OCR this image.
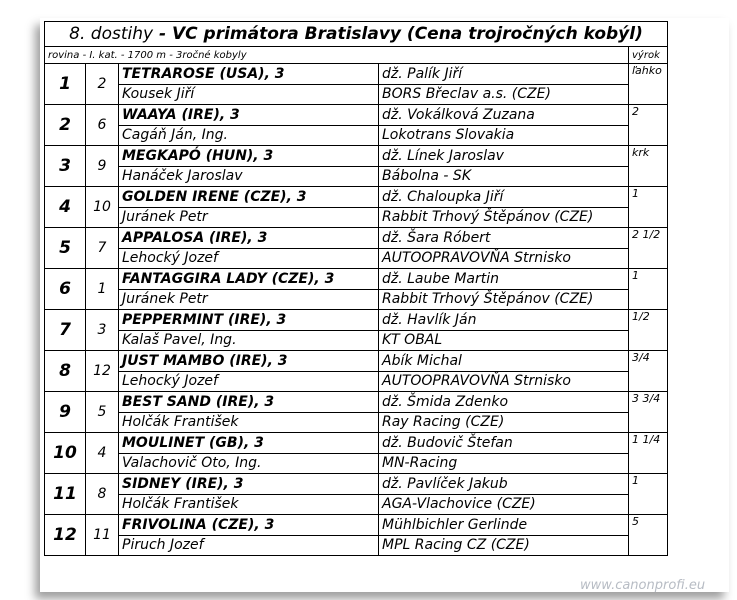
8. dostihy - VC primátora Bratislavy (Cena trojročných kobýl)				
rovina - I. kat. - 1700 m - 3ročné kobyly				výrok
1	2	TETRAROSE (USA), 3	dž. Palík Jiří	ľahko
		Kousek Jiří	BORS Břeclav a.s. (CZE)	
2	6	WAAYA (IRE), 3	dž. Vokálková Zuzana	2
		Cagáň Ján, Ing.	Lokotrans Slovakia	
3	9	MEGKAPÓ (HUN), 3	dž. Línek Jaroslav	krk
		Hanáček Jaroslav	Bábolna - SK	
4	10	GOLDEN IRENE (CZE), 3	dž. Chaloupka Jiří	1
		Juránek Petr	Rabbit Trhový Štěpánov (CZE)	
5	7	APPALOSA (IRE), 3	dž. Šara Róbert	2 1/2
		Lehocký Jozef	AUTOOPRAVOVŇA Strnisko	
6	1	FANTAGGIRA LADY (CZE), 3	dž. Laube Martin	1
		Juránek Petr	Rabbit Trhový Štěpánov (CZE)	
7	3	PEPPERMINT (IRE), 3	dž. Havlík Ján	1/2
		Kalaš Pavel, Ing.	KT OBAL	
8	12	JUST MAMBO (IRE), 3	Abík Michal	3/4
		Lehocký Jozef	AUTOOPRAVOVŇA Strnisko	
9	5	BEST SAND (IRE), 3	dž. Šmida Zdenko	3 3/4
		Holčák František	Ray Racing (CZE)	
10	4	MOULINET (GB), 3	dž. Budovič Štefan	1 1/4
		Valachovič Oto, Ing.	MN-Racing	
11	8	SIDNEY (IRE), 3	dž. Pavlíček Jakub	1
		Holčák František	AGA-Vlachovice (CZE)	
12	11	FRIVOLINA (CZE), 3	Mühlbichler Gerlinde	5
		Piruch Jozef	MPL Racing CZ (CZE)	
www.canonprofi.eu
